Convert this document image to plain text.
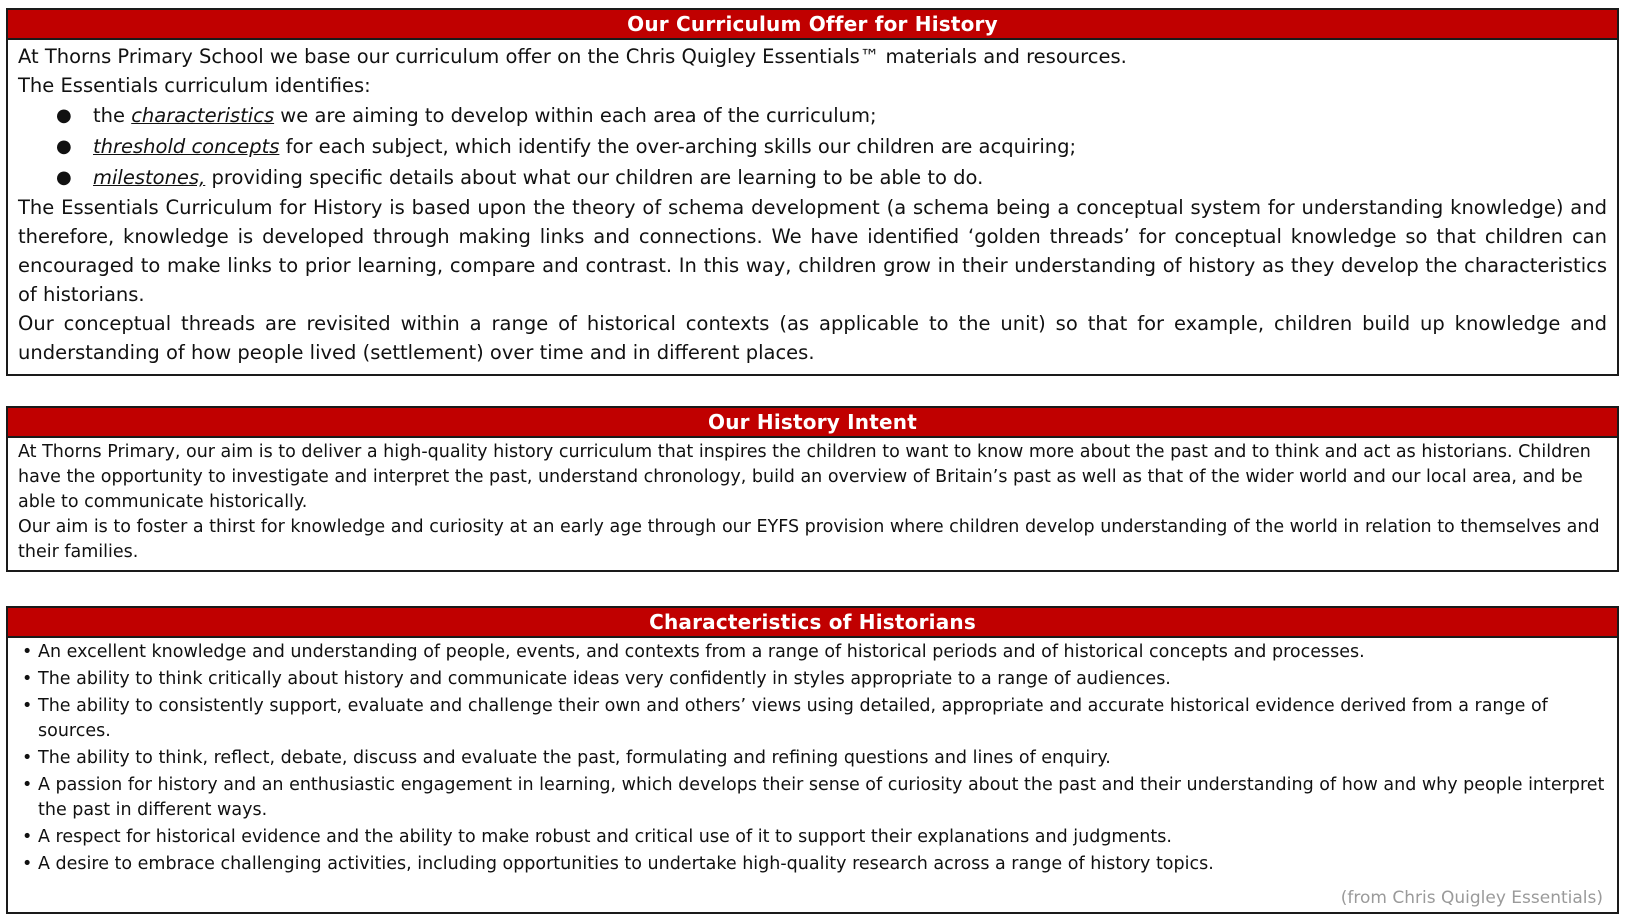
Our Curriculum Offer for History

At Thorns Primary School we base our curriculum offer on the Chris Quigley Essentials™ materials and resources.

The Essentials curriculum identifies:

● the characteristics we are aiming to develop within each area of the curriculum;
● threshold concepts for each subject, which identify the over-arching skills our children are acquiring;
● milestones, providing specific details about what our children are learning to be able to do.

The Essentials Curriculum for History is based upon the theory of schema development (a schema being a conceptual system for understanding knowledge) and therefore, knowledge is developed through making links and connections. We have identified ‘golden threads’ for conceptual knowledge so that children can encouraged to make links to prior learning, compare and contrast. In this way, children grow in their understanding of history as they develop the characteristics of historians.

Our conceptual threads are revisited within a range of historical contexts (as applicable to the unit) so that for example, children build up knowledge and understanding of how people lived (settlement) over time and in different places.

Our History Intent

At Thorns Primary, our aim is to deliver a high-quality history curriculum that inspires the children to want to know more about the past and to think and act as historians. Children have the opportunity to investigate and interpret the past, understand chronology, build an overview of Britain’s past as well as that of the wider world and our local area, and be able to communicate historically.

Our aim is to foster a thirst for knowledge and curiosity at an early age through our EYFS provision where children develop understanding of the world in relation to themselves and their families.

Characteristics of Historians
• An excellent knowledge and understanding of people, events, and contexts from a range of historical periods and of historical concepts and processes.
• The ability to think critically about history and communicate ideas very confidently in styles appropriate to a range of audiences.
• The ability to consistently support, evaluate and challenge their own and others’ views using detailed, appropriate and accurate historical evidence derived from a range of sources.
• The ability to think, reflect, debate, discuss and evaluate the past, formulating and refining questions and lines of enquiry.
• A passion for history and an enthusiastic engagement in learning, which develops their sense of curiosity about the past and their understanding of how and why people interpret the past in different ways.
• A respect for historical evidence and the ability to make robust and critical use of it to support their explanations and judgments.
• A desire to embrace challenging activities, including opportunities to undertake high-quality research across a range of history topics.
(from Chris Quigley Essentials)
